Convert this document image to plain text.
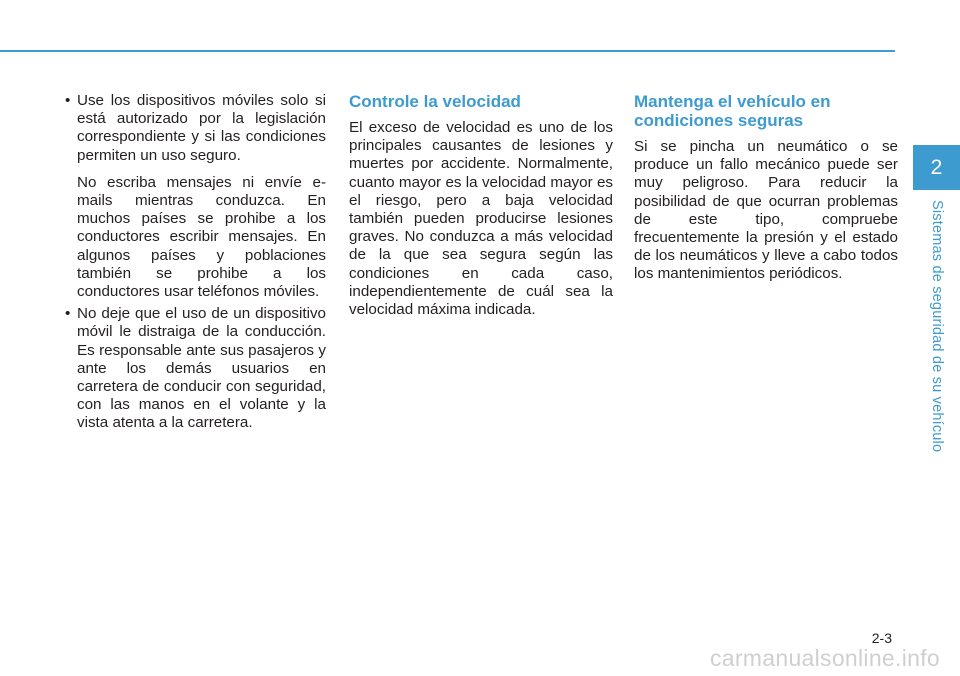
• Use los dispositivos móviles solo si está autorizado por la legislación correspondiente y si las condiciones permiten un uso seguro.

No escriba mensajes ni envíe e-mails mientras conduzca. En muchos países se prohibe a los conductores escribir mensajes. En algunos países y poblaciones también se prohibe a los conductores usar teléfonos móviles.

• No deje que el uso de un dispositivo móvil le distraiga de la conducción. Es responsable ante sus pasajeros y ante los demás usuarios en carretera de conducir con seguridad, con las manos en el volante y la vista atenta a la carretera.
Controle la velocidad

El exceso de velocidad es uno de los principales causantes de lesiones y muertes por accidente. Normalmente, cuanto mayor es la velocidad mayor es el riesgo, pero a baja velocidad también pueden producirse lesiones graves. No conduzca a más velocidad de la que sea segura según las condiciones en cada caso, independientemente de cuál sea la velocidad máxima indicada.

Mantenga el vehículo en condiciones seguras

Si se pincha un neumático o se produce un fallo mecánico puede ser muy peligroso. Para reducir la posibilidad de que ocurran problemas de este tipo, compruebe frecuentemente la presión y el estado de los neumáticos y lleve a cabo todos los mantenimientos periódicos.

2
Sistemas de seguridad de su vehículo
2-3
carmanualsonline.info
